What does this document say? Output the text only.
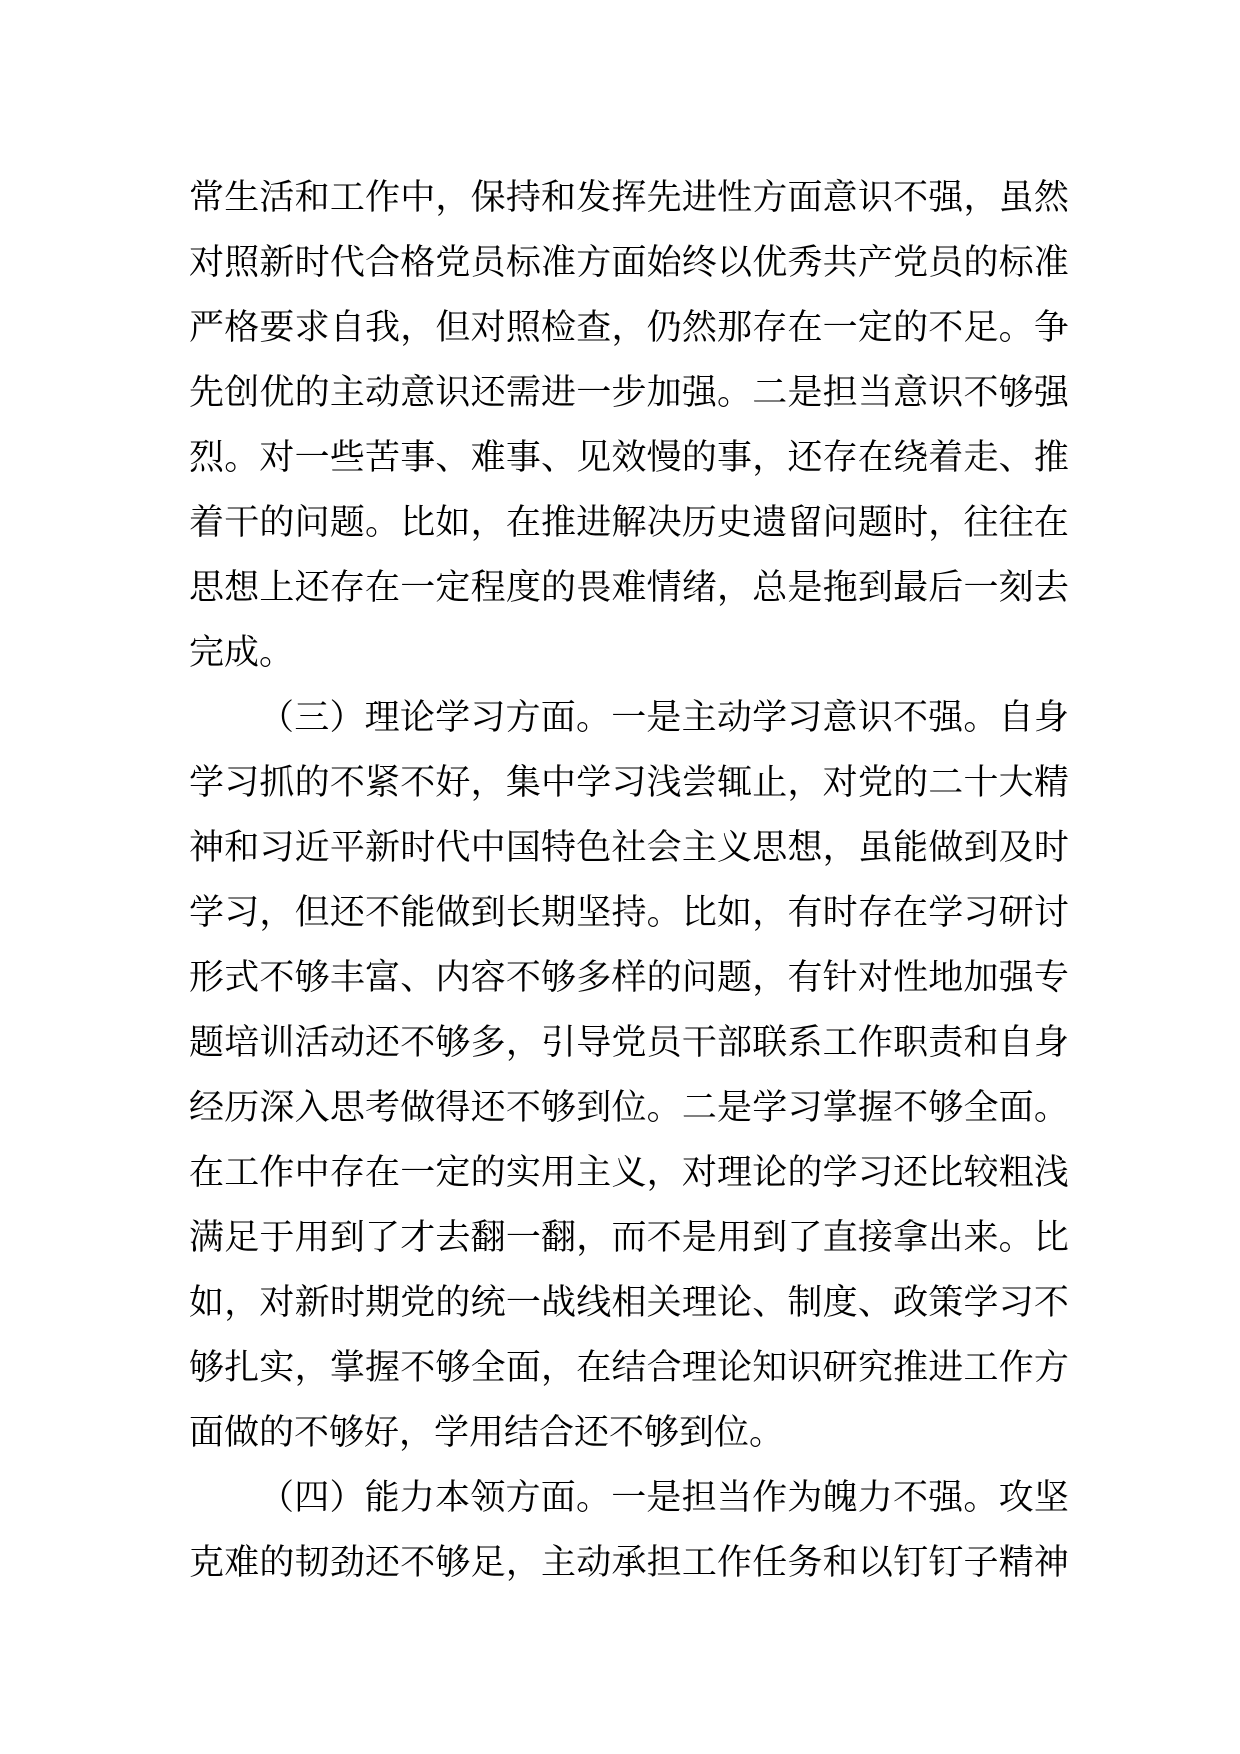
常 生 活 和 工 作 中 ， 保 持 和 发 挥 先 进 性 方 面 意 识 不 强 ， 虽 然
对 照 新 时 代 合 格 党 员 标 准 方 面 始 终 以 优 秀 共 产 党 员 的 标 准
严 格 要 求 自 我 ， 但 对 照 检 查 ， 仍 然 那 存 在 一 定 的 不 足 。 争
先 创 优 的 主 动 意 识 还 需 进 一 步 加 强 。 二 是 担 当 意 识 不 够 强
烈 。 对 一 些 苦 事 、 难 事 、 见 效 慢 的 事 ， 还 存 在 绕 着 走 、 推
着 干 的 问 题 。 比 如 ， 在 推 进 解 决 历 史 遗 留 问 题 时 ， 往 往 在
思 想 上 还 存 在 一 定 程 度 的 畏 难 情 绪 ， 总 是 拖 到 最 后 一 刻 去
完成。
（ 三 ） 理 论 学 习 方 面 。 一 是 主 动 学 习 意 识 不 强 。 自 身
学 习 抓 的 不 紧 不 好 ， 集 中 学 习 浅 尝 辄 止 ， 对 党 的 二 十 大 精
神 和 习 近 平 新 时 代 中 国 特 色 社 会 主 义 思 想 ， 虽 能 做 到 及 时
学 习 ， 但 还 不 能 做 到 长 期 坚 持 。 比 如 ， 有 时 存 在 学 习 研 讨
形 式 不 够 丰 富 、 内 容 不 够 多 样 的 问 题 ， 有 针 对 性 地 加 强 专
题 培 训 活 动 还 不 够 多 ， 引 导 党 员 干 部 联 系 工 作 职 责 和 自 身
经 历 深 入 思 考 做 得 还 不 够 到 位 。 二 是 学 习 掌 握 不 够 全 面 。
在 工 作 中 存 在 一 定 的 实 用 主 义 ， 对 理 论 的 学 习 还 比 较 粗 浅
满 足 于 用 到 了 才 去 翻 一 翻 ， 而 不 是 用 到 了 直 接 拿 出 来 。 比
如 ， 对 新 时 期 党 的 统 一 战 线 相 关 理 论 、 制 度 、 政 策 学 习 不
够 扎 实 ， 掌 握 不 够 全 面 ， 在 结 合 理 论 知 识 研 究 推 进 工 作 方
面做的不够好，学用结合还不够到位。
（ 四 ） 能 力 本 领 方 面 。 一 是 担 当 作 为 魄 力 不 强 。 攻 坚
克 难 的 韧 劲 还 不 够 足 ， 主 动 承 担 工 作 任 务 和 以 钉 钉 子 精 神
